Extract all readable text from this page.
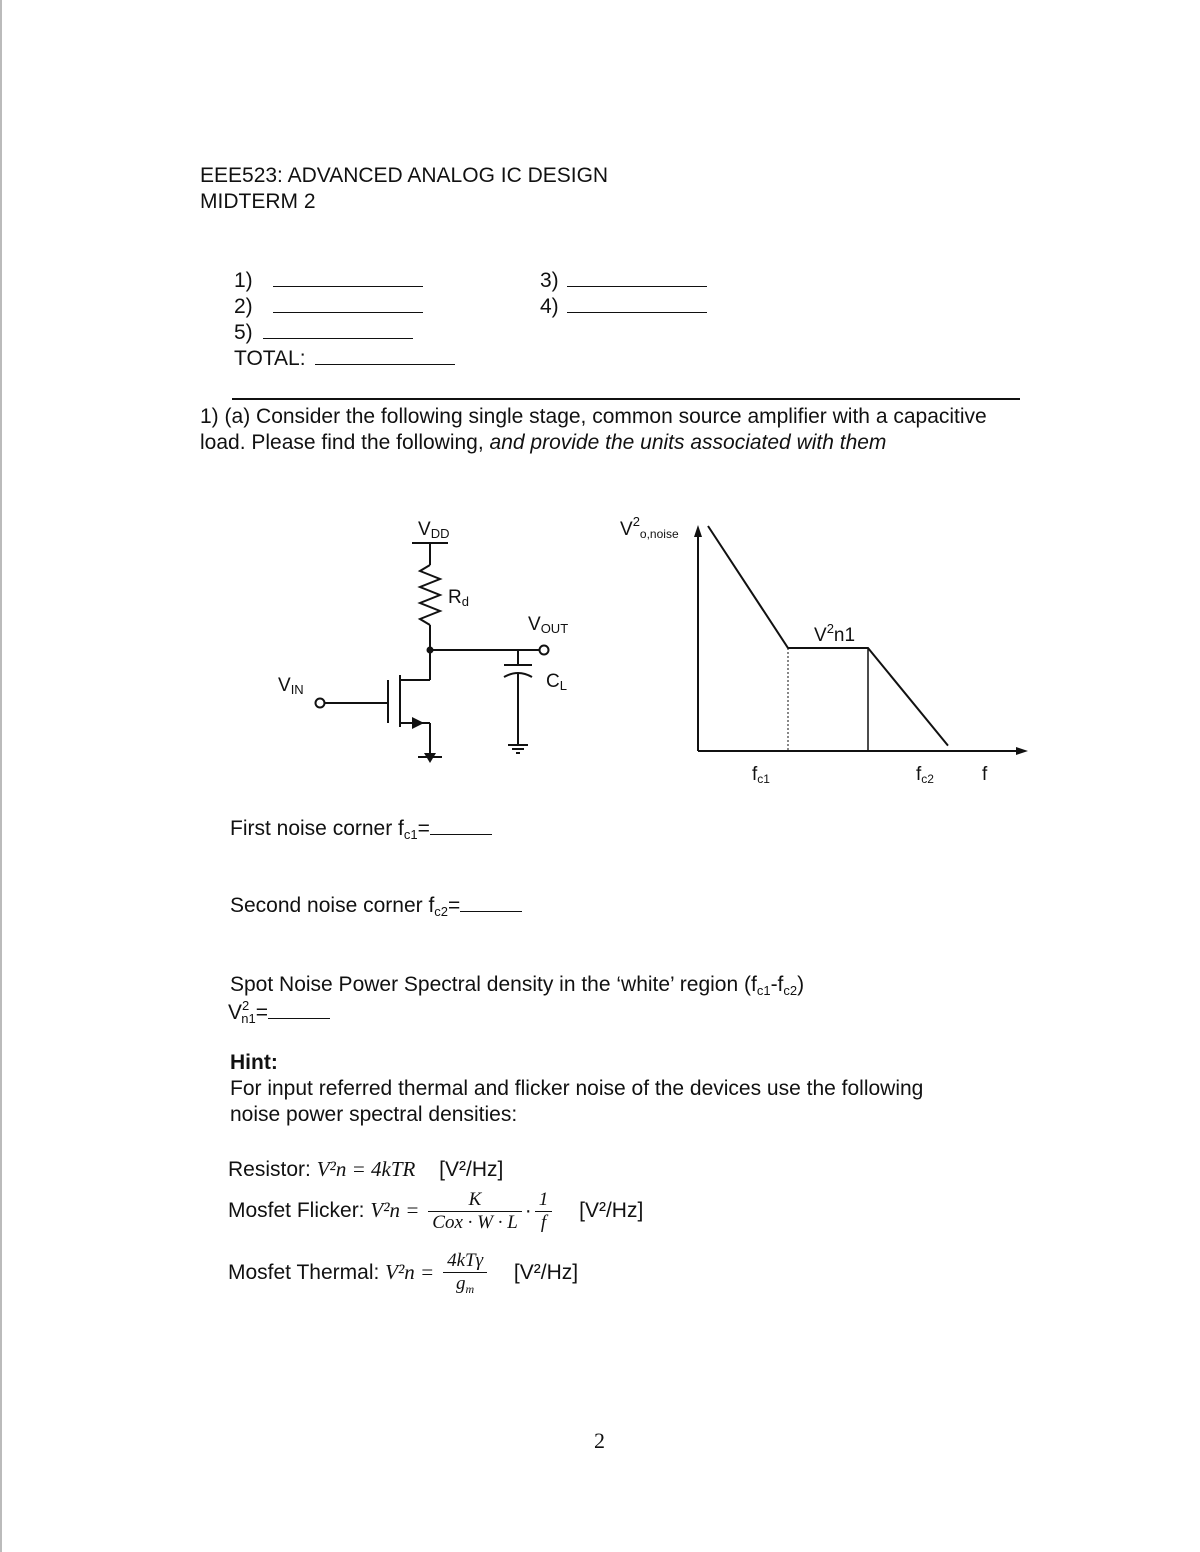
EEE523: ADVANCED ANALOG IC DESIGN
MIDTERM 2
1)
2)
5)
TOTAL:
3)
4)
1) (a) Consider the following single stage, common source amplifier with a capacitive load. Please find the following, and provide the units associated with them
VDD
Rd
VOUT
CL
VIN
$V^2_{o,noise}$
$V^2n1$
fc1	fc2	f
First noise corner fc1=
Second noise corner fc2=
Spot Noise Power Spectral density in the ‘white’ region (fc1-fc2)
$V^2n1=$
Hint:
For input referred thermal and flicker noise of the devices use the following
noise power spectral densities:
Resistor: V²n = 4kTR [V²/Hz]
Mosfet Flicker: $V^2n = \frac{K}{\text{Cox · W · L}} \cdot \frac{1}{f} [V^2/Hz]$
Mosfet Thermal: $V^2n = \frac{\text{4kTγ}}{g_m} [V^2/Hz]$
2
